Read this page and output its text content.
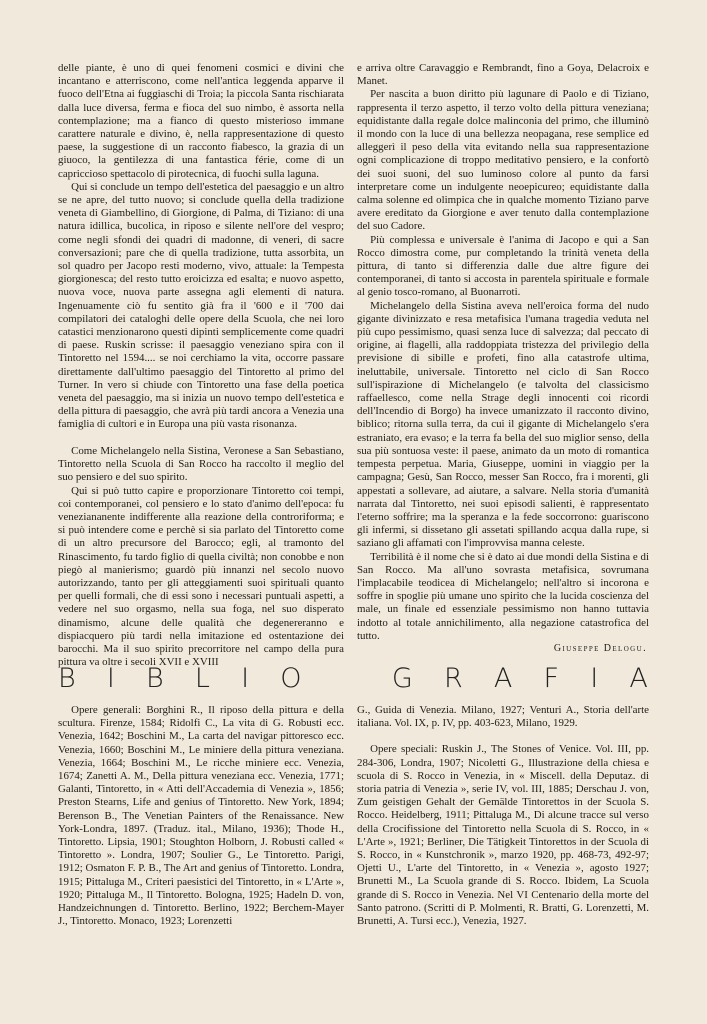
delle piante, è uno di quei fenomeni cosmici e divini che incantano e atterriscono, come nell'antica leggenda apparve il fuoco dell'Etna ai fuggiaschi di Troia; la piccola Santa rischiarata dalla luce diversa, ferma e fioca del suo nimbo, è assorta nella contemplazione; ma a fianco di questo misterioso immane carattere naturale e divino, è, nella rappresentazione di questo paese, la suggestione di un racconto fiabesco, la grazia di un giuoco, la gentilezza di una fantastica férie, come di un capriccioso spettacolo di pirotecnica, di fuochi sulla laguna.

Qui si conclude un tempo dell'estetica del paesaggio e un altro se ne apre, del tutto nuovo; si conclude quella della tradizione veneta di Giambellino, di Giorgione, di Palma, di Tiziano: di una natura idillica, bucolica, in riposo e silente nell'ore del vespro; come negli sfondi dei quadri di madonne, di veneri, di sacre conversazioni; pare che di quella tradizione, tutta assorbita, un sol quadro per Jacopo resti moderno, vivo, attuale: la Tempesta giorgionesca; del resto tutto eroicizza ed esalta; e nuovo aspetto, nuova voce, nuova parte assegna agli elementi di natura. Ingenuamente ciò fu sentito già fra il '600 e il '700 dai compilatori dei cataloghi delle opere della Scuola, che nei loro catastici menzionarono questi dipinti semplicemente come quadri di paese. Ruskin scrisse: il paesaggio veneziano spira con il Tintoretto nel 1594.... se noi cerchiamo la vita, occorre passare direttamente dall'ultimo paesaggio del Tintoretto al primo del Turner. In vero si chiude con Tintoretto una fase della poetica veneta del paesaggio, ma si inizia un nuovo tempo dell'estetica e della pittura di paesaggio, che avrà più tardi ancora a Venezia una famiglia di cultori e in Europa una più vasta risonanza.

Come Michelangelo nella Sistina, Veronese a San Sebastiano, Tintoretto nella Scuola di San Rocco ha raccolto il meglio del suo pensiero e del suo spirito.

Qui si può tutto capire e proporzionare Tintoretto coi tempi, coi contemporanei, col pensiero e lo stato d'animo dell'epoca: fu veneziananente indifferente alla reazione della controriforma; e si può intendere come e perchè si sia parlato del Tintoretto come di un altro precursore del Barocco; egli, al tramonto del Rinascimento, fu tardo figlio di quella civiltà; non conobbe e non piegò al manierismo; guardò più innanzi nel secolo nuovo autorizzando, tanto per gli atteggiamenti suoi spirituali quanto per quelli formali, che di essi sono i necessari puntuali aspetti, a vedere nel suo orgasmo, nella sua foga, nel suo disperato dinamismo, alcune delle qualità che degenereranno e dispiacquero più tardi nella imitazione ed ostentazione dei barocchi. Ma il suo spirito precorritore nel campo della pura pittura va oltre i secoli XVII e XVIII

e arriva oltre Caravaggio e Rembrandt, fino a Goya, Delacroix e Manet.

Per nascita a buon diritto più lagunare di Paolo e di Tiziano, rappresenta il terzo aspetto, il terzo volto della pittura veneziana; equidistante dalla regale dolce malinconia del primo, che illuminò il mondo con la luce di una bellezza neopagana, rese semplice ed alleggerì il peso della vita evitando nella sua rappresentazione ogni complicazione di troppo meditativo pensiero, e la confortò dei suoi suoni, del suo luminoso colore al punto da farsi interpretare come un indulgente neoepicureo; equidistante dalla calma solenne ed olimpica che in qualche momento Tiziano parve avere ereditato da Giorgione e aver tenuto dalla contemplazione del suo Cadore.

Più complessa e universale è l'anima di Jacopo e qui a San Rocco dimostra come, pur completando la trinità veneta della pittura, di tanto si differenzia dalle due altre figure dei contemporanei, di tanto si accosta in parentela spirituale e formale al genio tosco-romano, al Buonarroti.

Michelangelo della Sistina aveva nell'eroica forma del nudo gigante divinizzato e resa metafisica l'umana tragedia veduta nel più cupo pessimismo, quasi senza luce di salvezza; dal peccato di origine, ai flagelli, alla raddoppiata tristezza del privilegio della previsione di sibille e profeti, fino alla catastrofe ultima, ineluttabile, universale. Tintoretto nel ciclo di San Rocco sull'ispirazione di Michelangelo (e talvolta del classicismo raffaellesco, come nella Strage degli innocenti coi ricordi dell'Incendio di Borgo) ha invece umanizzato il racconto divino, biblico; ritorna sulla terra, da cui il gigante di Michelangelo s'era estraniato, era evaso; e la terra fa bella del suo miglior senso, della sua più sontuosa veste: il paese, animato da un moto di romantica tempesta perpetua. Maria, Giuseppe, uomini in viaggio per la campagna; Gesù, San Rocco, messer San Rocco, fra i morenti, gli appestati a sollevare, ad aiutare, a salvare. Nella storia d'umanità narrata dal Tintoretto, nei suoi episodi salienti, è rappresentato l'eterno soffrire; ma la speranza e la fede soccorrono: guariscono gli infermi, si dissetano gli assetati spillando acqua dalla rupe, si saziano gli affamati con l'improvvisa manna celeste.

Terribilità è il nome che si è dato ai due mondi della Sistina e di San Rocco. Ma all'uno sovrasta metafisica, sovrumana l'implacabile teodicea di Michelangelo; nell'altro si incorona e soffre in spoglie più umane uno spirito che la lucida coscienza del male, un finale ed essenziale pessimismo non hanno tuttavia indotto al totale annichilimento, alla negazione catastrofica del tutto.

Giuseppe Delogu.
B I B L I O	G R A F I A

Opere generali: Borghini R., Il riposo della pittura e della scultura. Firenze, 1584; Ridolfi C., La vita di G. Robusti ecc. Venezia, 1642; Boschini M., La carta del navigar pittoresco ecc. Venezia, 1660; Boschini M., Le miniere della pittura veneziana. Venezia, 1664; Boschini M., Le ricche miniere ecc. Venezia, 1674; Zanetti A. M., Della pittura veneziana ecc. Venezia, 1771; Galanti, Tintoretto, in « Atti dell'Accademia di Venezia », 1856; Preston Stearns, Life and genius of Tintoretto. New York, 1894; Berenson B., The Venetian Painters of the Renaissance. New York-Londra, 1897. (Traduz. ital., Milano, 1936); Thode H., Tintoretto. Lipsia, 1901; Stoughton Holborn, J. Robusti called « Tintoretto ». Londra, 1907; Soulier G., Le Tintoretto. Parigi, 1912; Osmaton F. P. B., The Art and genius of Tintoretto. Londra, 1915; Pittaluga M., Criteri paesistici del Tintoretto, in « L'Arte », 1920; Pittaluga M., Il Tintoretto. Bologna, 1925; Hadeln D. von, Handzeichnungen d. Tintoretto. Berlino, 1922; Berchem-Mayer J., Tintoretto. Monaco, 1923; Lorenzetti

G., Guida di Venezia. Milano, 1927; Venturi A., Storia dell'arte italiana. Vol. IX, p. IV, pp. 403-623, Milano, 1929.

Opere speciali: Ruskin J., The Stones of Venice. Vol. III, pp. 284-306, Londra, 1907; Nicoletti G., Illustrazione della chiesa e scuola di S. Rocco in Venezia, in « Miscell. della Deputaz. di storia patria di Venezia », serie IV, vol. III, 1885; Derschau J. von, Zum geistigen Gehalt der Gemälde Tintorettos in der Scuola S. Rocco. Heidelberg, 1911; Pittaluga M., Di alcune tracce sul verso della Crocifissione del Tintoretto nella Scuola di S. Rocco, in « L'Arte », 1921; Berliner, Die Tätigkeit Tintorettos in der Scuola di S. Rocco, in « Kunstchronik », marzo 1920, pp. 468-73, 492-97; Ojetti U., L'arte del Tintoretto, in « Venezia », agosto 1927; Brunetti M., La Scuola grande di S. Rocco. Ibidem, La Scuola grande di S. Rocco in Venezia. Nel VI Centenario della morte del Santo patrono. (Scritti di P. Molmenti, R. Bratti, G. Lorenzetti, M. Brunetti, A. Tursi ecc.), Venezia, 1927.
